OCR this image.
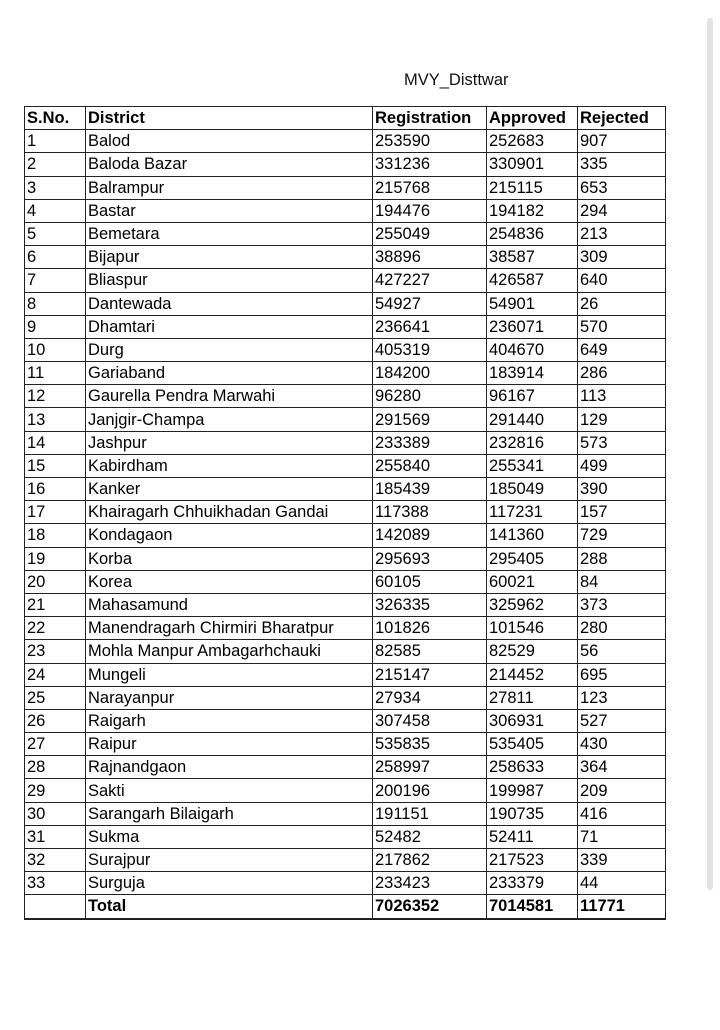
MVY_Disttwar
S.No.	District	Registration	Approved	Rejected
1	Balod	253590	252683	907
2	Baloda Bazar	331236	330901	335
3	Balrampur	215768	215115	653
4	Bastar	194476	194182	294
5	Bemetara	255049	254836	213
6	Bijapur	38896	38587	309
7	Bliaspur	427227	426587	640
8	Dantewada	54927	54901	26
9	Dhamtari	236641	236071	570
10	Durg	405319	404670	649
11	Gariaband	184200	183914	286
12	Gaurella Pendra Marwahi	96280	96167	113
13	Janjgir-Champa	291569	291440	129
14	Jashpur	233389	232816	573
15	Kabirdham	255840	255341	499
16	Kanker	185439	185049	390
17	Khairagarh Chhuikhadan Gandai	117388	117231	157
18	Kondagaon	142089	141360	729
19	Korba	295693	295405	288
20	Korea	60105	60021	84
21	Mahasamund	326335	325962	373
22	Manendragarh Chirmiri Bharatpur	101826	101546	280
23	Mohla Manpur Ambagarhchauki	82585	82529	56
24	Mungeli	215147	214452	695
25	Narayanpur	27934	27811	123
26	Raigarh	307458	306931	527
27	Raipur	535835	535405	430
28	Rajnandgaon	258997	258633	364
29	Sakti	200196	199987	209
30	Sarangarh Bilaigarh	191151	190735	416
31	Sukma	52482	52411	71
32	Surajpur	217862	217523	339
33	Surguja	233423	233379	44
	Total	7026352	7014581	11771
